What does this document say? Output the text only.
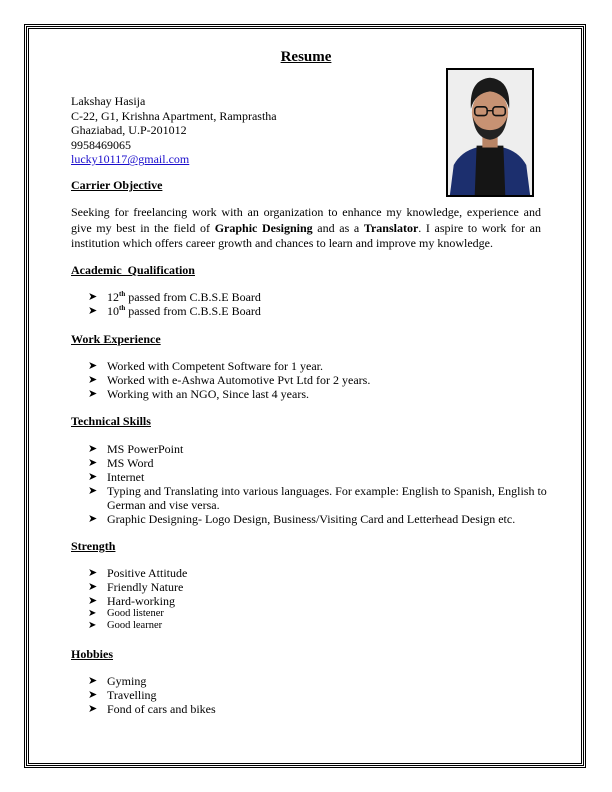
Resume
Lakshay Hasija
C-22, G1, Krishna Apartment, Ramprastha
Ghaziabad, U.P-201012
9958469065
lucky10117@gmail.com
Carrier Objective
Seeking for freelancing work with an organization to enhance my knowledge, experience and give my best in the field of Graphic Designing and as a Translator. I aspire to work for an institution which offers career growth and chances to learn and improve my knowledge.
Academic  Qualification
➤ 12th passed from C.B.S.E Board
➤ 10th passed from C.B.S.E Board
Work Experience
➤ Worked with Competent Software for 1 year.
➤ Worked with e-Ashwa Automotive Pvt Ltd for 2 years.
➤ Working with an NGO, Since last 4 years.
Technical Skills
➤ MS PowerPoint
➤ MS Word
➤ Internet
➤ Typing and Translating into various languages. For example: English to Spanish, English to German and vise versa.
➤ Graphic Designing- Logo Design, Business/Visiting Card and Letterhead Design etc.
Strength
➤ Positive Attitude
➤ Friendly Nature
➤ Hard-working
➤ Good listener
➤ Good learner
Hobbies
➤ Gyming
➤ Travelling
➤ Fond of cars and bikes
